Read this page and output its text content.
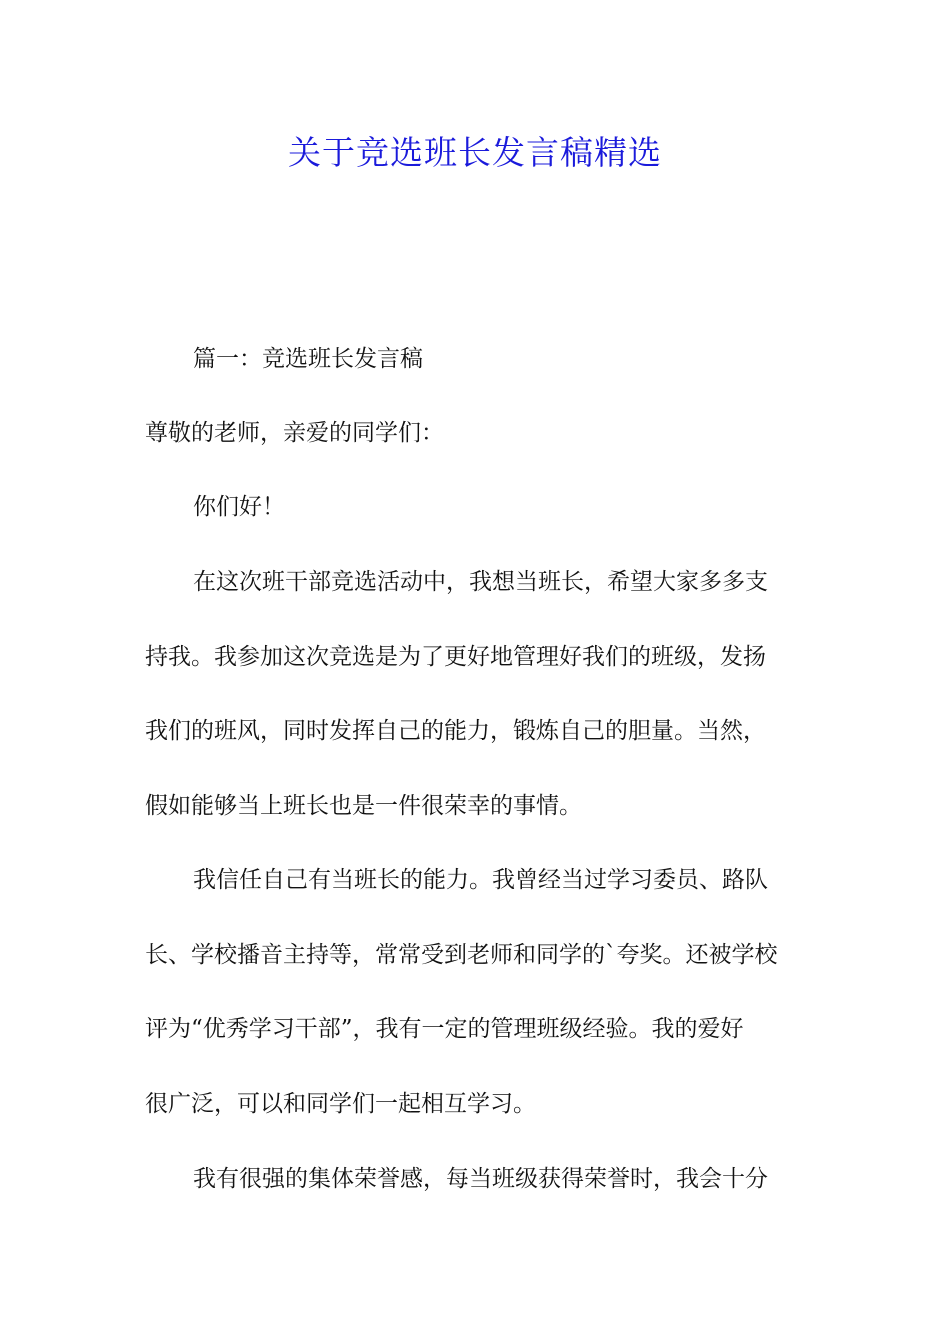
关于竞选班长发言稿精选
篇一：竞选班长发言稿
尊敬的老师，亲爱的同学们：
你们好！
在这次班干部竞选活动中，我想当班长，希望大家多多支
持我。我参加这次竞选是为了更好地管理好我们的班级，发扬
我们的班风，同时发挥自己的能力，锻炼自己的胆量。当然，
假如能够当上班长也是一件很荣幸的事情。
我信任自己有当班长的能力。我曾经当过学习委员、路队
长、学校播音主持等，常常受到老师和同学的`夸奖。还被学校
评为“优秀学习干部”，我有一定的管理班级经验。我的爱好
很广泛，可以和同学们一起相互学习。
我有很强的集体荣誉感，每当班级获得荣誉时，我会十分
